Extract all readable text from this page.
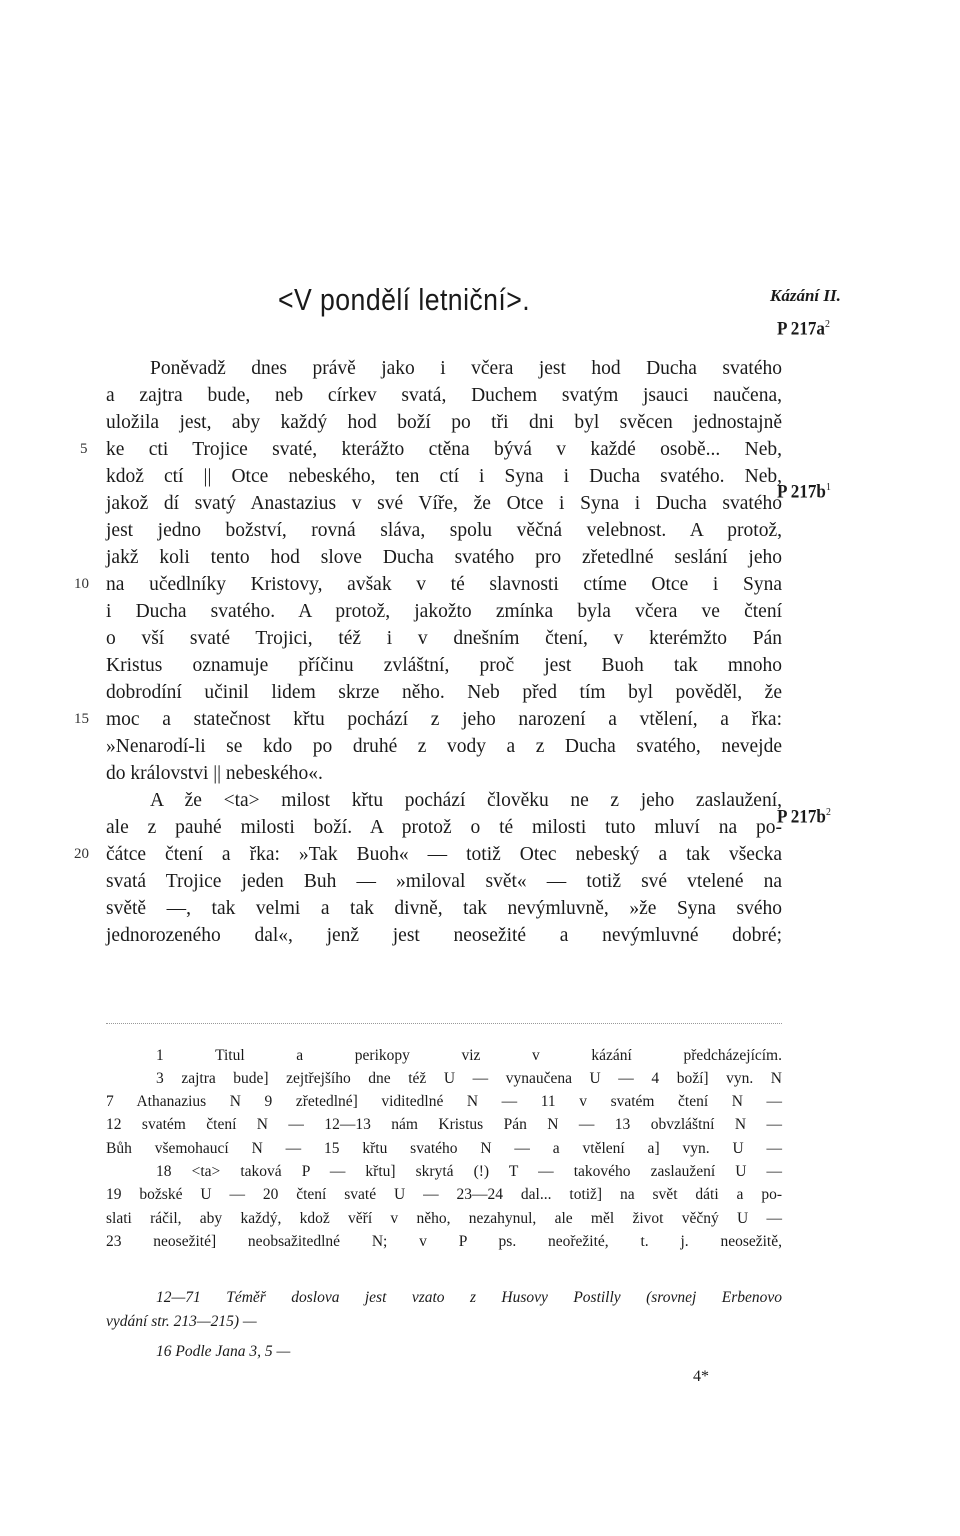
<V pondělí letniční>.	Kázání II.
P $217a^2$
P $217b^1$
P $217b^2$
Poněvadž dnes právě jako i včera jest hod Ducha svatého
a zajtra bude, neb církev svatá, Duchem svatým jsauci naučena,
uložila jest, aby každý hod boží po tři dni byl svěcen jednostajně
ke cti Trojice svaté, kterážto ctěna bývá v každé osobě... Neb,
kdož ctí || Otce nebeského, ten ctí i Syna i Ducha svatého. Neb,
jakož dí svatý Anastazius v své Víře, že Otce i Syna i Ducha svatého
jest jedno božství, rovná sláva, spolu věčná velebnost. A protož,
jakž koli tento hod slove Ducha svatého pro zřetedlné seslání jeho
na učedlníky Kristovy, avšak v té slavnosti ctíme Otce i Syna
i Ducha svatého. A protož, jakožto zmínka byla včera ve čtení
o vší svaté Trojici, též i v dnešním čtení, v kterémžto Pán
Kristus oznamuje příčinu zvláštní, proč jest Buoh tak mnoho
dobrodíní učinil lidem skrze něho. Neb před tím byl pověděl, že
moc a statečnost křtu pochází z jeho narození a vtělení, a řka:
»Nenarodí-li se kdo po druhé z vody a z Ducha svatého, nevejde
do královstvi || nebeského«.
A že <ta> milost křtu pochází člověku ne z jeho zaslaužení,
ale z pauhé milosti boží. A protož o té milosti tuto mluví na po-
čátce čtení a řka: »Tak Buoh« — totiž Otec nebeský a tak všecka
svatá Trojice jeden Buh — »miloval svět« — totiž své vtelené na
světě —, tak velmi a tak divně, tak nevýmluvně, »že Syna svého
jednorozeného dal«, jenž jest neosežité a nevýmluvné dobré;
5
10
15
20
1 Titul a perikopy viz v kázání předcházejícím.
3 zajtra bude] zejtřejšího dne též U — vynaučena U — 4 boží] vyn. N
7 Athanazius N 9 zřetedlné] viditedlné N — 11 v svatém čtení N —
12 svatém čtení N — 12—13 nám Kristus Pán N — 13 obvzláštní N —
Bůh všemohaucí N — 15 křtu svatého N — a vtělení a] vyn. U —
18 <ta> taková P — křtu] skrytá (!) T — takového zaslaužení U —
19 božské U — 20 čtení svaté U — 23—24 dal... totiž] na svět dáti a po-
slati ráčil, aby každý, kdož věří v něho, nezahynul, ale měl život věčný U —
23 neosežité] neobsažitedlné N; v P ps. neořežité, t. j. neosežitě,
12—71 Téměř doslova jest vzato z Husovy Postilly (srovnej Erbenovo
vydání str. 213—215) —
16 Podle Jana 3, 5 —
4*
